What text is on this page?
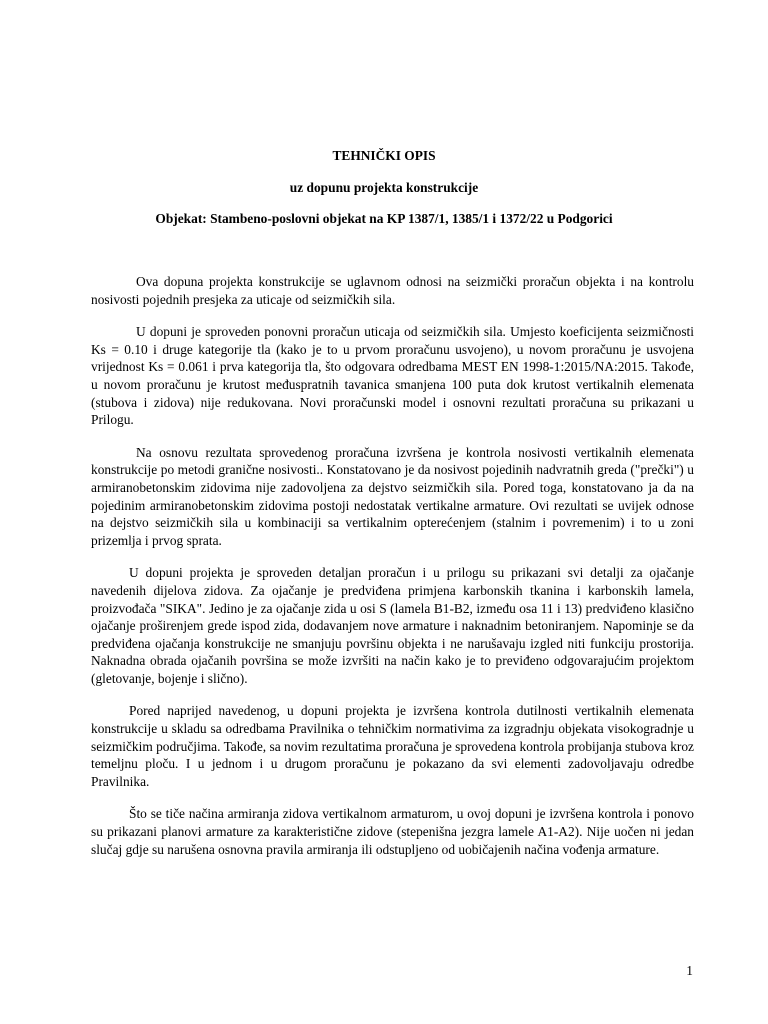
TEHNIČKI OPIS
uz dopunu projekta konstrukcije
Objekat: Stambeno-poslovni objekat na KP 1387/1, 1385/1 i 1372/22 u Podgorici

Ova dopuna projekta konstrukcije se uglavnom odnosi na seizmički proračun objekta i na kontrolu nosivosti pojednih presjeka za uticaje od seizmičkih sila.

U dopuni je sproveden ponovni proračun uticaja od seizmičkih sila. Umjesto koeficijenta seizmičnosti Ks = 0.10 i druge kategorije tla (kako je to u prvom proračunu usvojeno), u novom proračunu je usvojena vrijednost Ks = 0.061 i prva kategorija tla, što odgovara odredbama MEST EN 1998-1:2015/NA:2015. Takođe, u novom proračunu je krutost međuspratnih tavanica smanjena 100 puta dok krutost vertikalnih elemenata (stubova i zidova) nije redukovana. Novi proračunski model i osnovni rezultati proračuna su prikazani u Prilogu.

Na osnovu rezultata sprovedenog proračuna izvršena je kontrola nosivosti vertikalnih elemenata konstrukcije po metodi granične nosivosti.. Konstatovano je da nosivost pojedinih nadvratnih greda ("prečki") u armiranobetonskim zidovima nije zadovoljena za dejstvo seizmičkih sila. Pored toga, konstatovano ja da na pojedinim armiranobetonskim zidovima postoji nedostatak vertikalne armature. Ovi rezultati se uvijek odnose na dejstvo seizmičkih sila u kombinaciji sa vertikalnim opterećenjem (stalnim i povremenim) i to u zoni prizemlja i prvog sprata.

U dopuni projekta je sproveden detaljan proračun i u prilogu su prikazani svi detalji za ojačanje navedenih dijelova zidova. Za ojačanje je predviđena primjena karbonskih tkanina i karbonskih lamela, proizvođača "SIKA". Jedino je za ojačanje zida u osi S (lamela B1-B2, između osa 11 i 13) predviđeno klasično ojačanje proširenjem grede ispod zida, dodavanjem nove armature i naknadnim betoniranjem. Napominje se da predviđena ojačanja konstrukcije ne smanjuju površinu objekta i ne narušavaju izgled niti funkciju prostorija. Naknadna obrada ojačanih površina se može izvršiti na način kako je to previđeno odgovarajućim projektom (gletovanje, bojenje i slično).

Pored naprijed navedenog, u dopuni projekta je izvršena kontrola dutilnosti vertikalnih elemenata konstrukcije u skladu sa odredbama Pravilnika o tehničkim normativima za izgradnju objekata visokogradnje u seizmičkim područjima. Takođe, sa novim rezultatima proračuna je sprovedena kontrola probijanja stubova kroz temeljnu ploču. I u jednom i u drugom proračunu je pokazano da svi elementi zadovoljavaju odredbe Pravilnika.

Što se tiče načina armiranja zidova vertikalnom armaturom, u ovoj dopuni je izvršena kontrola i ponovo su prikazani planovi armature za karakteristične zidove (stepenišna jezgra lamele A1-A2). Nije uočen ni jedan slučaj gdje su narušena osnovna pravila armiranja ili odstupljeno od uobičajenih načina vođenja armature.

1
